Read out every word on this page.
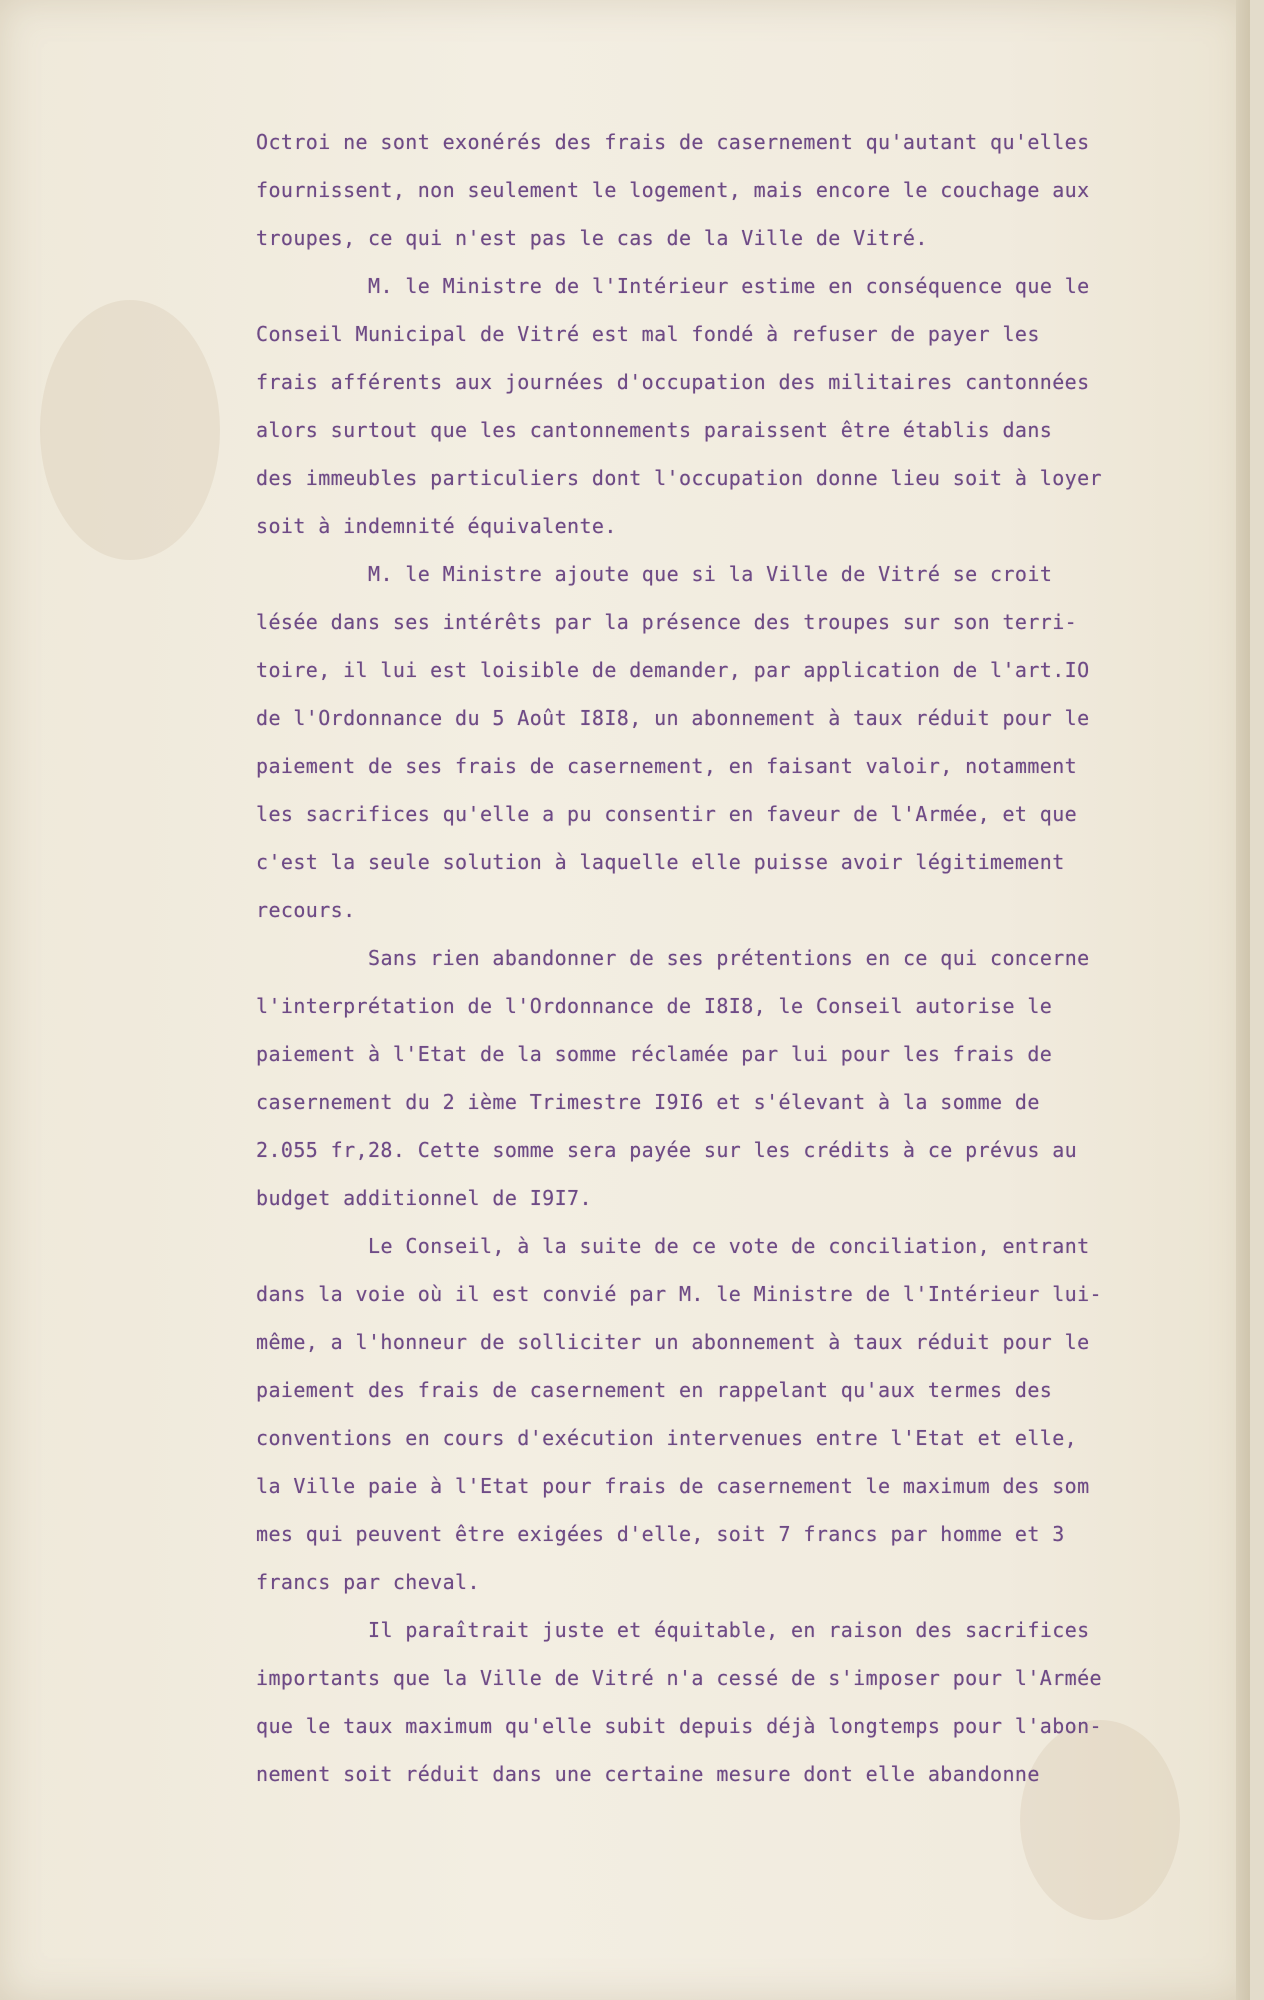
Octroi ne sont exonérés des frais de casernement qu'autant qu'elles
fournissent, non seulement le logement, mais encore le couchage aux
troupes, ce qui n'est pas le cas de la Ville de Vitré.
M. le Ministre de l'Intérieur estime en conséquence que le
Conseil Municipal de Vitré est mal fondé à refuser de payer les
frais afférents aux journées d'occupation des militaires cantonnées
alors surtout que les cantonnements paraissent être établis dans
des immeubles particuliers dont l'occupation donne lieu soit à loyer
soit à indemnité équivalente.
M. le Ministre ajoute que si la Ville de Vitré se croit
lésée dans ses intérêts par la présence des troupes sur son terri-
toire, il lui est loisible de demander, par application de l'art.IO
de l'Ordonnance du 5 Août I8I8, un abonnement à taux réduit pour le
paiement de ses frais de casernement, en faisant valoir, notamment
les sacrifices qu'elle a pu consentir en faveur de l'Armée, et que
c'est la seule solution à laquelle elle puisse avoir légitimement
recours.
Sans rien abandonner de ses prétentions en ce qui concerne
l'interprétation de l'Ordonnance de I8I8, le Conseil autorise le
paiement à l'Etat de la somme réclamée par lui pour les frais de
casernement du 2 ième Trimestre I9I6 et s'élevant à la somme de
2.055 fr,28. Cette somme sera payée sur les crédits à ce prévus au
budget additionnel de I9I7.
Le Conseil, à la suite de ce vote de conciliation, entrant
dans la voie où il est convié par M. le Ministre de l'Intérieur lui-
même, a l'honneur de solliciter un abonnement à taux réduit pour le
paiement des frais de casernement en rappelant qu'aux termes des
conventions en cours d'exécution intervenues entre l'Etat et elle,
la Ville paie à l'Etat pour frais de casernement le maximum des som
mes qui peuvent être exigées d'elle, soit 7 francs par homme et 3
francs par cheval.
Il paraîtrait juste et équitable, en raison des sacrifices
importants que la Ville de Vitré n'a cessé de s'imposer pour l'Armée
que le taux maximum qu'elle subit depuis déjà longtemps pour l'abon-
nement soit réduit dans une certaine mesure dont elle abandonne
